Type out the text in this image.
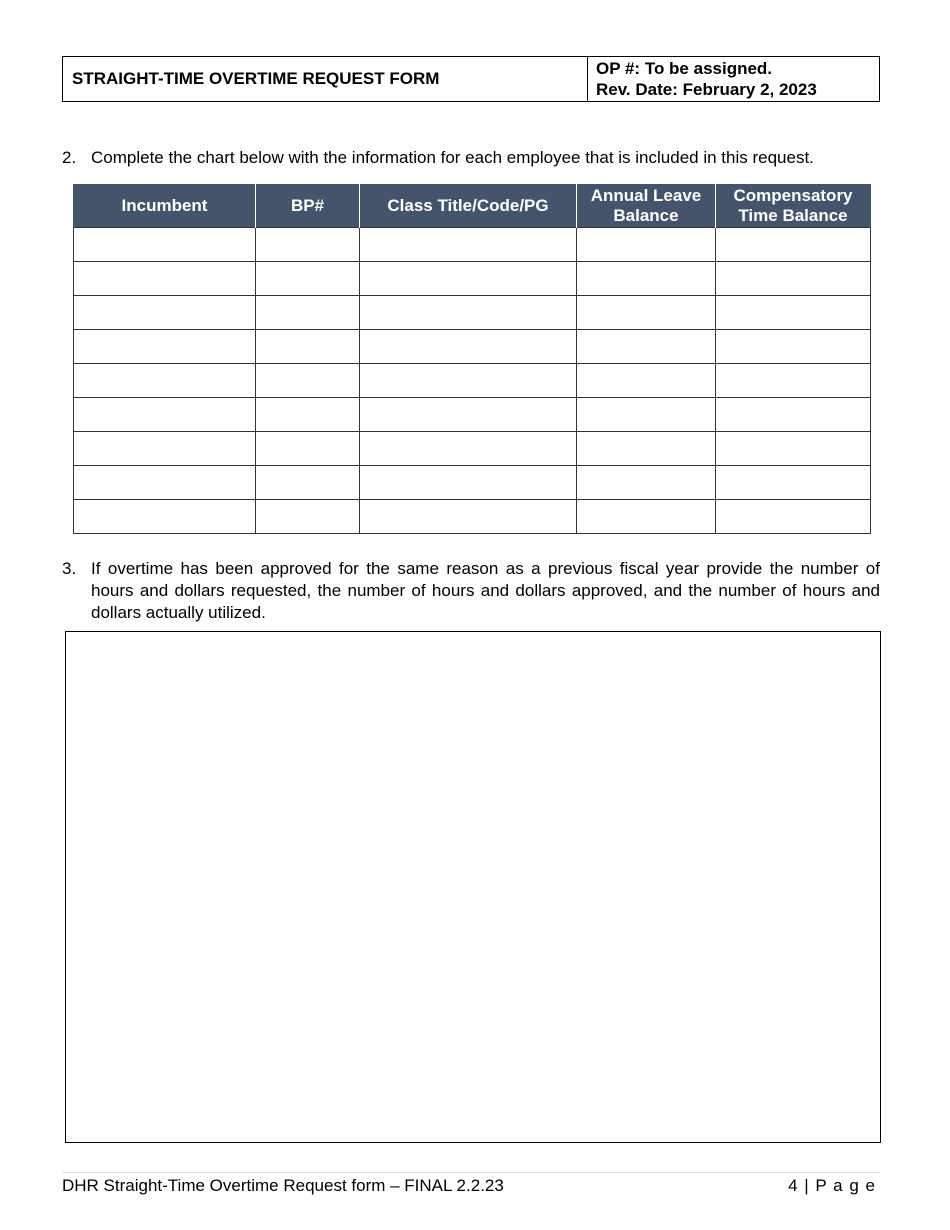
STRAIGHT-TIME OVERTIME REQUEST FORM
OP #: To be assigned.
Rev. Date: February 2, 2023
2. Complete the chart below with the information for each employee that is included in this request.
Incumbent	BP#	Class Title/Code/PG	Annual Leave Balance	Compensatory Time Balance

3. If overtime has been approved for the same reason as a previous fiscal year provide the number of hours and dollars requested, the number of hours and dollars approved, and the number of hours and dollars actually utilized.
DHR Straight-Time Overtime Request form – FINAL 2.2.23	4 | P a g e
